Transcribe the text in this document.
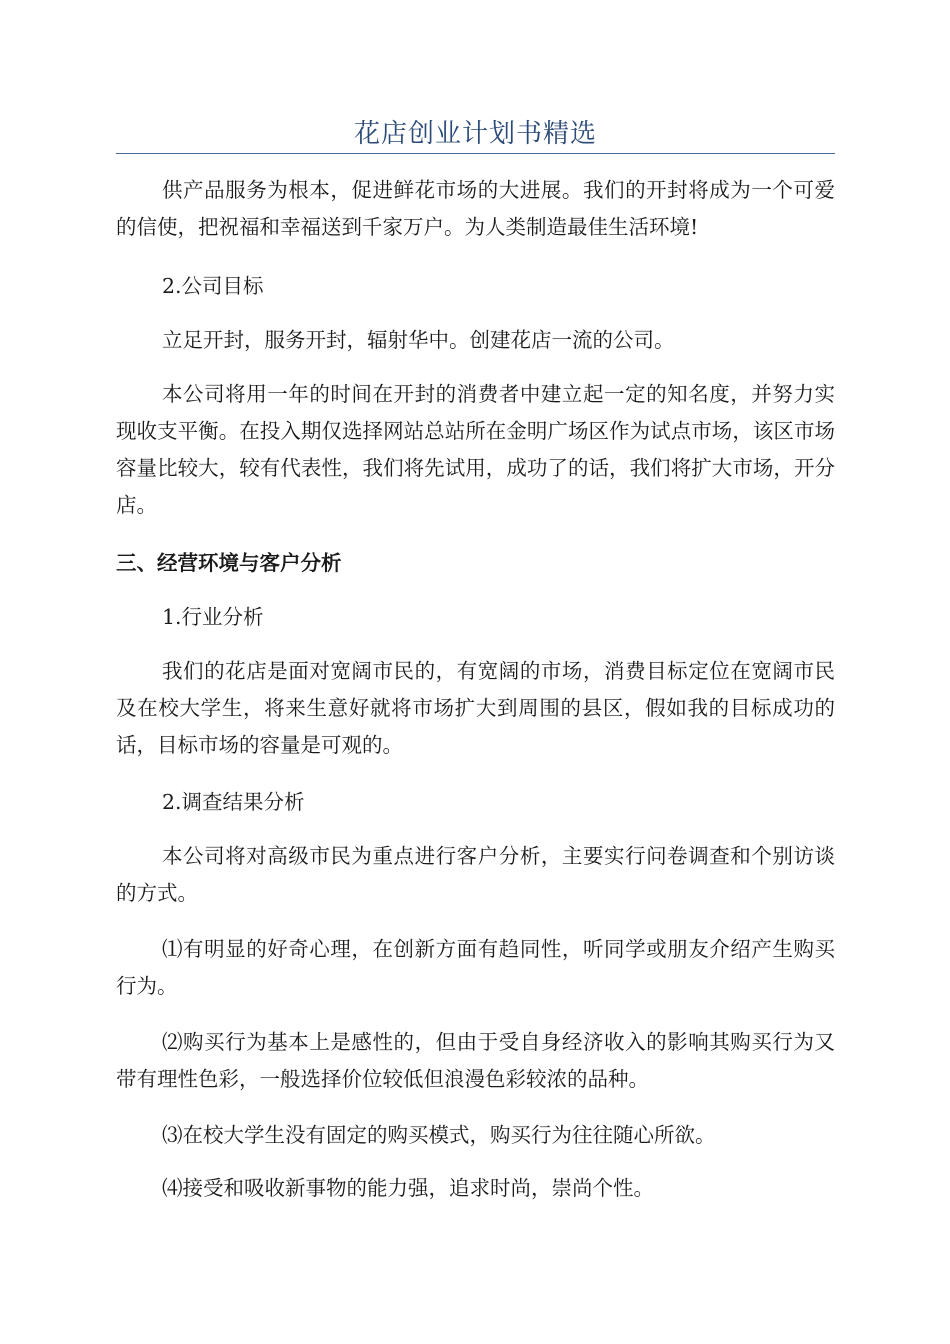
花店创业计划书精选

供产品服务为根本，促进鲜花市场的大进展。我们的开封将成为一个可爱的信使，把祝福和幸福送到千家万户。为人类制造最佳生活环境!

2.公司目标

立足开封，服务开封，辐射华中。创建花店一流的公司。

本公司将用一年的时间在开封的消费者中建立起一定的知名度，并努力实现收支平衡。在投入期仅选择网站总站所在金明广场区作为试点市场，该区市场容量比较大，较有代表性，我们将先试用，成功了的话，我们将扩大市场，开分店。

三、经营环境与客户分析

1.行业分析

我们的花店是面对宽阔市民的，有宽阔的市场，消费目标定位在宽阔市民及在校大学生，将来生意好就将市场扩大到周围的县区，假如我的目标成功的话，目标市场的容量是可观的。

2.调查结果分析

本公司将对高级市民为重点进行客户分析，主要实行问卷调查和个别访谈的方式。

⑴有明显的好奇心理，在创新方面有趋同性，听同学或朋友介绍产生购买行为。

⑵购买行为基本上是感性的，但由于受自身经济收入的影响其购买行为又带有理性色彩，一般选择价位较低但浪漫色彩较浓的品种。

⑶在校大学生没有固定的购买模式，购买行为往往随心所欲。

⑷接受和吸收新事物的能力强，追求时尚，崇尚个性。
